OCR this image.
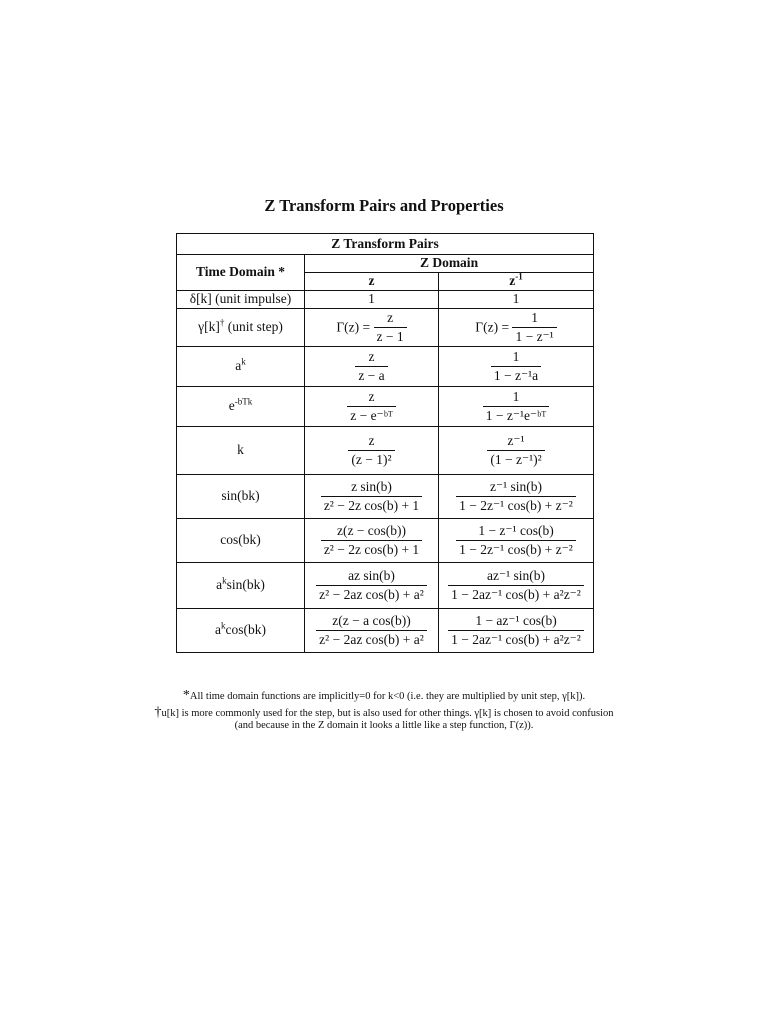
Z Transform Pairs and Properties
Z Transform Pairs		
Time Domain *	Z Domain	
	z	$z^{-1}$
δ[k] (unit impulse)	1	1
γ[k]† (unit step)	$\Gamma(z) = \frac{z}{z - 1}$	$\Gamma(z) = \frac{1}{\text{1 − z⁻¹}}$

$a^k$	$\frac{z}{z - a}$	$\frac{1}{\text{1 − z⁻¹a}}$

$e^{-bTk}$	$\frac{z}{\text{z − e⁻ᵇᵀ}}$	$\frac{1}{\text{1 − z⁻¹e⁻ᵇᵀ}}$

k	$\frac{z}{\text{(z − 1)²}}$	$\frac{\text{z⁻¹}}{\text{(1 − z⁻¹)²}}$

sin(bk)	$\frac{\text{z sin(b)}}{\text{z² − 2z cos(b) + 1}}$	$\frac{\text{z⁻¹ sin(b)}}{\text{1 − 2z⁻¹ cos(b) + z⁻²}}$

cos(bk)	$\frac{z(z - \cos(b))}{\text{z² − 2z cos(b) + 1}}$	$\frac{\text{1 − z⁻¹ cos(b)}}{\text{1 − 2z⁻¹ cos(b) + z⁻²}}$

$a^k\sin(bk)$	$\frac{\text{az sin(b)}}{\text{z² − 2az cos(b) + a²}}$	$\frac{\text{az⁻¹ sin(b)}}{\text{1 − 2az⁻¹ cos(b) + a²z⁻²}}$

$a^k\cos(bk)$	$\frac{\text{z(z − a cos(b))}}{\text{z² − 2az cos(b) + a²}}$	$\frac{\text{1 − az⁻¹ cos(b)}}{\text{1 − 2az⁻¹ cos(b) + a²z⁻²}}$
*All time domain functions are implicitly=0 for k<0 (i.e. they are multiplied by unit step, γ[k]).
†u[k] is more commonly used for the step, but is also used for other things. γ[k] is chosen to avoid confusion
(and because in the Z domain it looks a little like a step function, Γ(z)).
